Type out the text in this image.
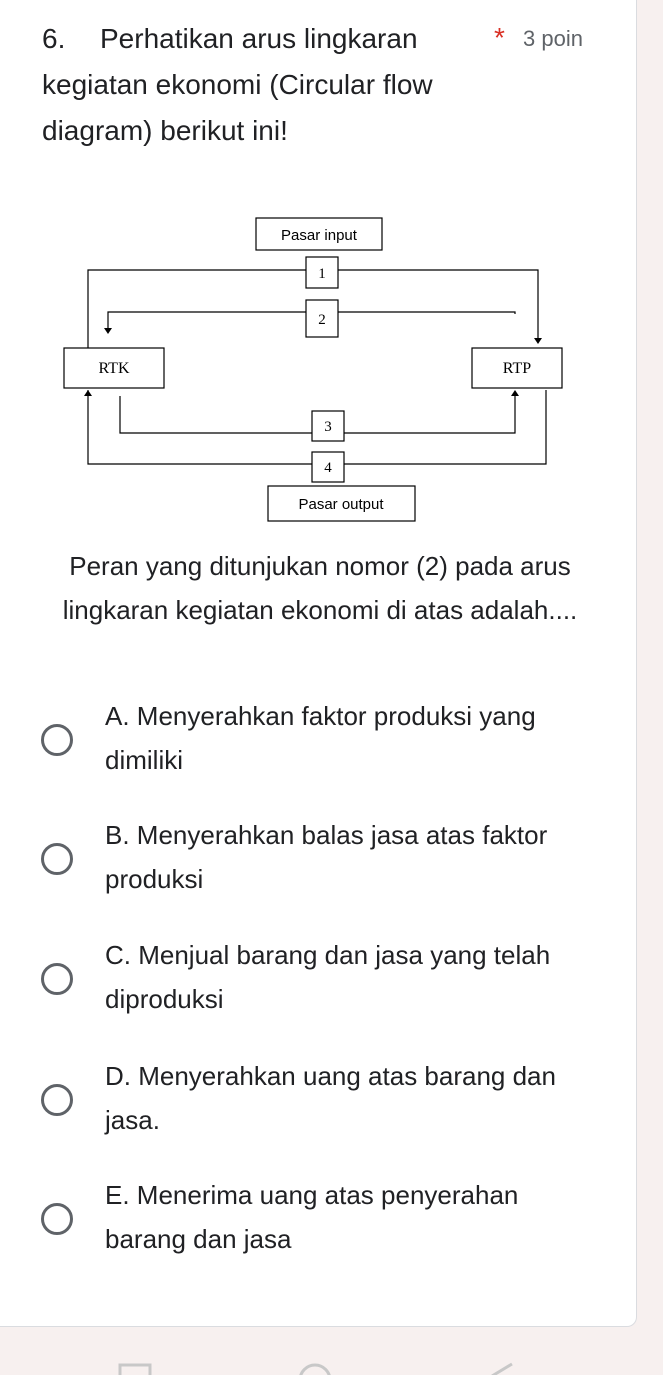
6. Perhatikan arus lingkaran kegiatan ekonomi (Circular flow diagram) berikut ini!
* 3 poin
Pasar input
1
2
RTK	RTP
3
4
Pasar output
Peran yang ditunjukan nomor (2) pada arus lingkaran kegiatan ekonomi di atas adalah....
A. Menyerahkan faktor produksi yang dimiliki
B. Menyerahkan balas jasa atas faktor produksi
C. Menjual barang dan jasa yang telah diproduksi
D. Menyerahkan uang atas barang dan jasa.
E. Menerima uang atas penyerahan barang dan jasa
